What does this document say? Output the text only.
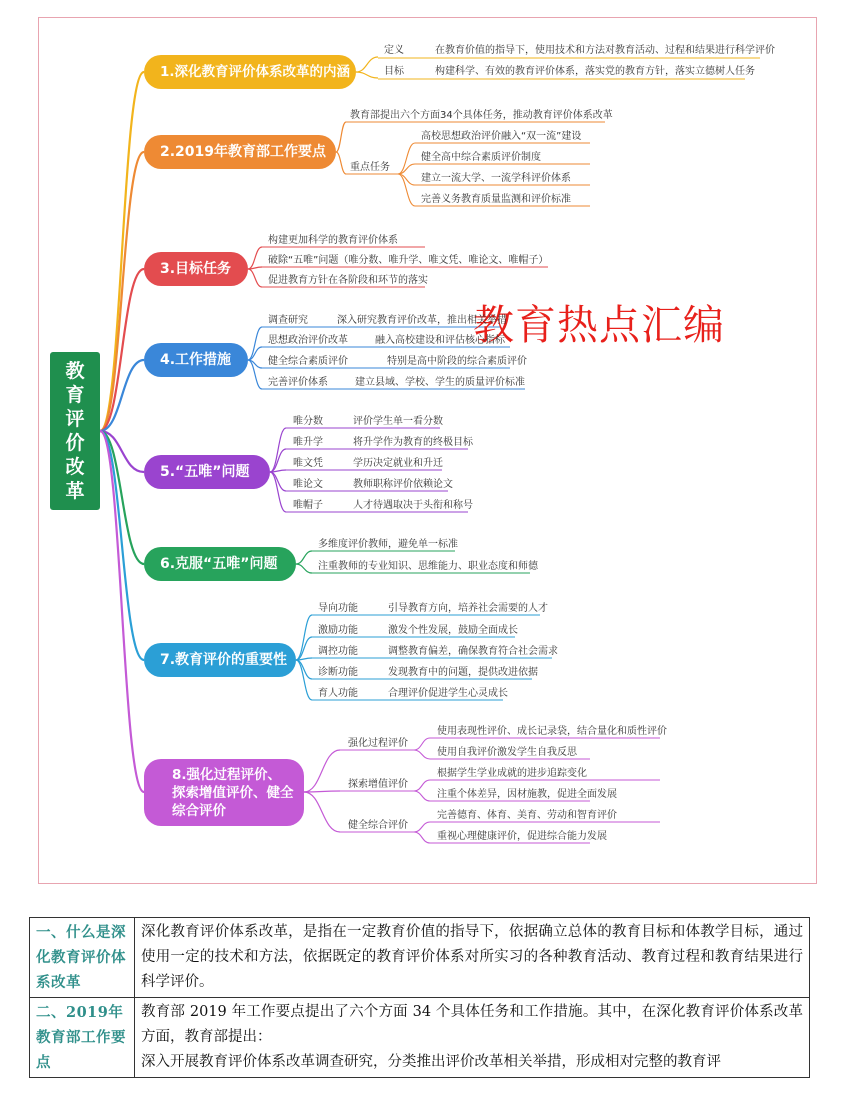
教育评价改革
教育热点汇编
1.深化教育评价体系改革的内涵
2.2019年教育部工作要点
3.目标任务
4.工作措施
5.“五唯”问题
6.克服“五唯”问题
7.教育评价的重要性
8.强化过程评价、探索增值评价、健全综合评价
定义	在教育价值的指导下，使用技术和方法对教育活动、过程和结果进行科学评价
目标	构建科学、有效的教育评价体系，落实党的教育方针，落实立德树人任务
教育部提出六个方面34个具体任务，推动教育评价体系改革
重点任务
高校思想政治评价融入“双一流”建设
健全高中综合素质评价制度
建立一流大学、一流学科评价体系
完善义务教育质量监测和评价标准
构建更加科学的教育评价体系
破除“五唯”问题（唯分数、唯升学、唯文凭、唯论文、唯帽子）
促进教育方针在各阶段和环节的落实
调查研究	深入研究教育评价改革，推出相关举措
思想政治评价改革	融入高校建设和评估核心指标
健全综合素质评价	特别是高中阶段的综合素质评价
完善评价体系	建立县域、学校、学生的质量评价标准
唯分数	评价学生单一看分数
唯升学	将升学作为教育的终极目标
唯文凭	学历决定就业和升迁
唯论文	教师职称评价依赖论文
唯帽子	人才待遇取决于头衔和称号
多维度评价教师，避免单一标准
注重教师的专业知识、思维能力、职业态度和师德
导向功能	引导教育方向，培养社会需要的人才
激励功能	激发个性发展，鼓励全面成长
调控功能	调整教育偏差，确保教育符合社会需求
诊断功能	发现教育中的问题，提供改进依据
育人功能	合理评价促进学生心灵成长
强化过程评价
使用表现性评价、成长记录袋，结合量化和质性评价
使用自我评价激发学生自我反思
探索增值评价
根据学生学业成就的进步追踪变化
注重个体差异，因材施教，促进全面发展
健全综合评价
完善德育、体育、美育、劳动和智育评价
重视心理健康评价，促进综合能力发展
一、什么是深化教育评价体系改革	深化教育评价体系改革，是指在一定教育价值的指导下，依据确立总体的教育目标和体教学目标，通过使用一定的技术和方法，依据既定的教育评价体系对所实习的各种教育活动、教育过程和教育结果进行科学评价。

二、2019年教育部工作要点	教育部 2019 年工作要点提出了六个方面 34 个具体任务和工作措施。其中，在深化教育评价体系改革方面，教育部提出：
深入开展教育评价体系改革调查研究，分类推出评价改革相关举措，形成相对完整的教育评
